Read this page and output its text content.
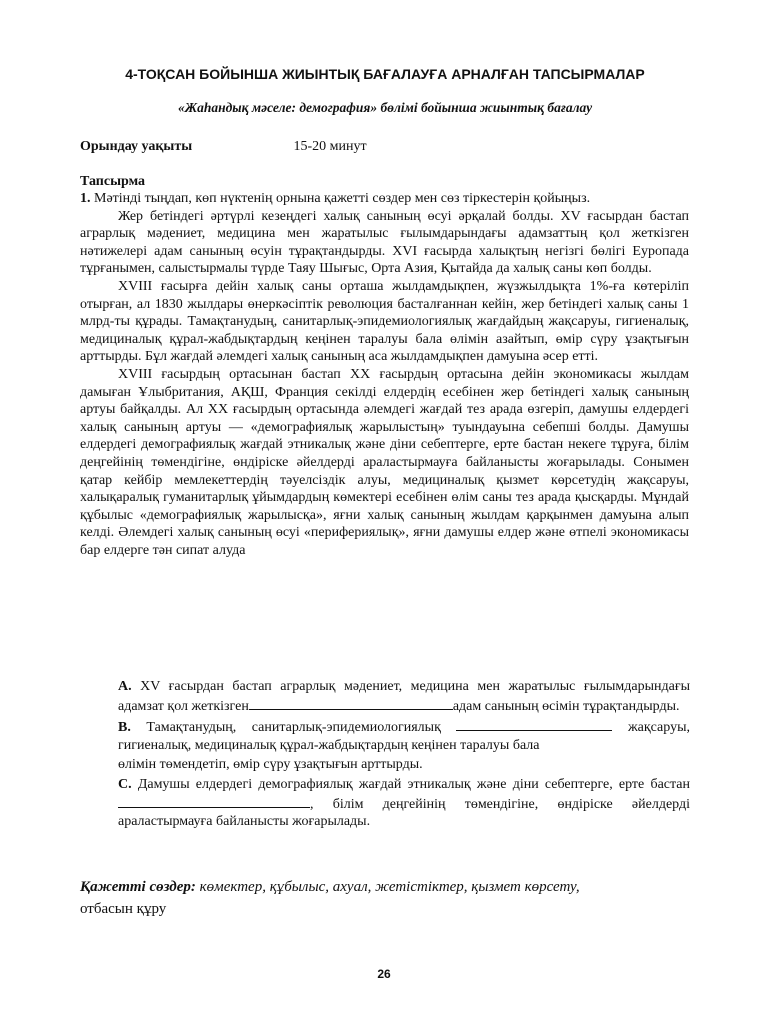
4-ТОҚСАН БОЙЫНША ЖИЫНТЫҚ БАҒАЛАУҒА АРНАЛҒАН ТАПСЫРМАЛАР
«Жаһандық мәселе: демография» бөлімі бойынша жиынтық бағалау
Орындау уақыты	15-20 минут
Тапсырма

1. Мәтінді тыңдап, көп нүктенің орнына қажетті сөздер мен сөз тіркестерін қойыңыз.

Жер бетіндегі әртүрлі кезеңдегі халық санының өсуі әрқалай болды. XV ғасырдан бастап аграрлық мәдениет, медицина мен жаратылыс ғылымдарындағы адамзаттың қол жеткізген нәтижелері адам санының өсуін тұрақтандырды. XVI ғасырда халықтың негізгі бөлігі Еуропада тұрғанымен, салыстырмалы түрде Таяу Шығыс, Орта Азия, Қытайда да халық саны көп болды.

XVIII ғасырға дейін халық саны орташа жылдамдықпен, жүзжылдықта 1%-ға көтеріліп отырған, ал 1830 жылдары өнеркәсіптік революция басталғаннан кейін, жер бетіндегі халық саны 1 млрд-ты құрады. Тамақтанудың, санитарлық-эпидемиологиялық жағдайдың жақсаруы, гигиеналық, медициналық құрал-жабдықтардың кеңінен таралуы бала өлімін азайтып, өмір сүру ұзақтығын арттырды. Бұл жағдай әлемдегі халық санының аса жылдамдықпен дамуына әсер етті.

XVIII ғасырдың ортасынан бастап XX ғасырдың ортасына дейін экономикасы жылдам дамыған Ұлыбритания, АҚШ, Франция секілді елдердің есебінен жер бетіндегі халық санының артуы байқалды. Ал XX ғасырдың ортасында әлемдегі жағдай тез арада өзгеріп, дамушы елдердегі халық санының артуы — «демографиялық жарылыстың» туындауына себепші болды. Дамушы елдердегі демографиялық жағдай этникалық және діни себептерге, ерте бастан некеге тұруға, білім деңгейінің төмендігіне, өндіріске әйелдерді араластырмауға байланысты жоғарылады. Сонымен қатар кейбір мемлекеттердің тәуелсіздік алуы, медициналық қызмет көрсетудің жақсаруы, халықаралық гуманитарлық ұйымдардың көмектері есебінен өлім саны тез арада қысқарды. Мұндай құбылыс «демографиялық жарылысқа», яғни халық санының жылдам қарқынмен дамуына алып келді. Әлемдегі халық санының өсуі «перифериялық», яғни дамушы елдер және өтпелі экономикасы бар елдерге тән сипат алуда

A. XV ғасырдан бастап аграрлық мәдениет, медицина мен жаратылыс ғылымдарындағы адамзат қол жеткізген	адам санының өсімін тұрақтандырды.

B. Тамақтанудың, санитарлық-эпидемиологиялық	жақсаруы, гигиеналық, медициналық құрал-жабдықтардың кеңінен таралуы бала

өлімін төмендетіп, өмір сүру ұзақтығын арттырды.

C. Дамушы елдердегі демографиялық жағдай этникалық және діни себептерге, ерте бастан, білім деңгейінің төмендігіне, өндіріске әйелдерді араластырмауға байланысты жоғарылады.

Қажетті сөздер: көмектер, құбылыс, ахуал, жетістіктер, қызмет көрсету,
отбасын құру
26
